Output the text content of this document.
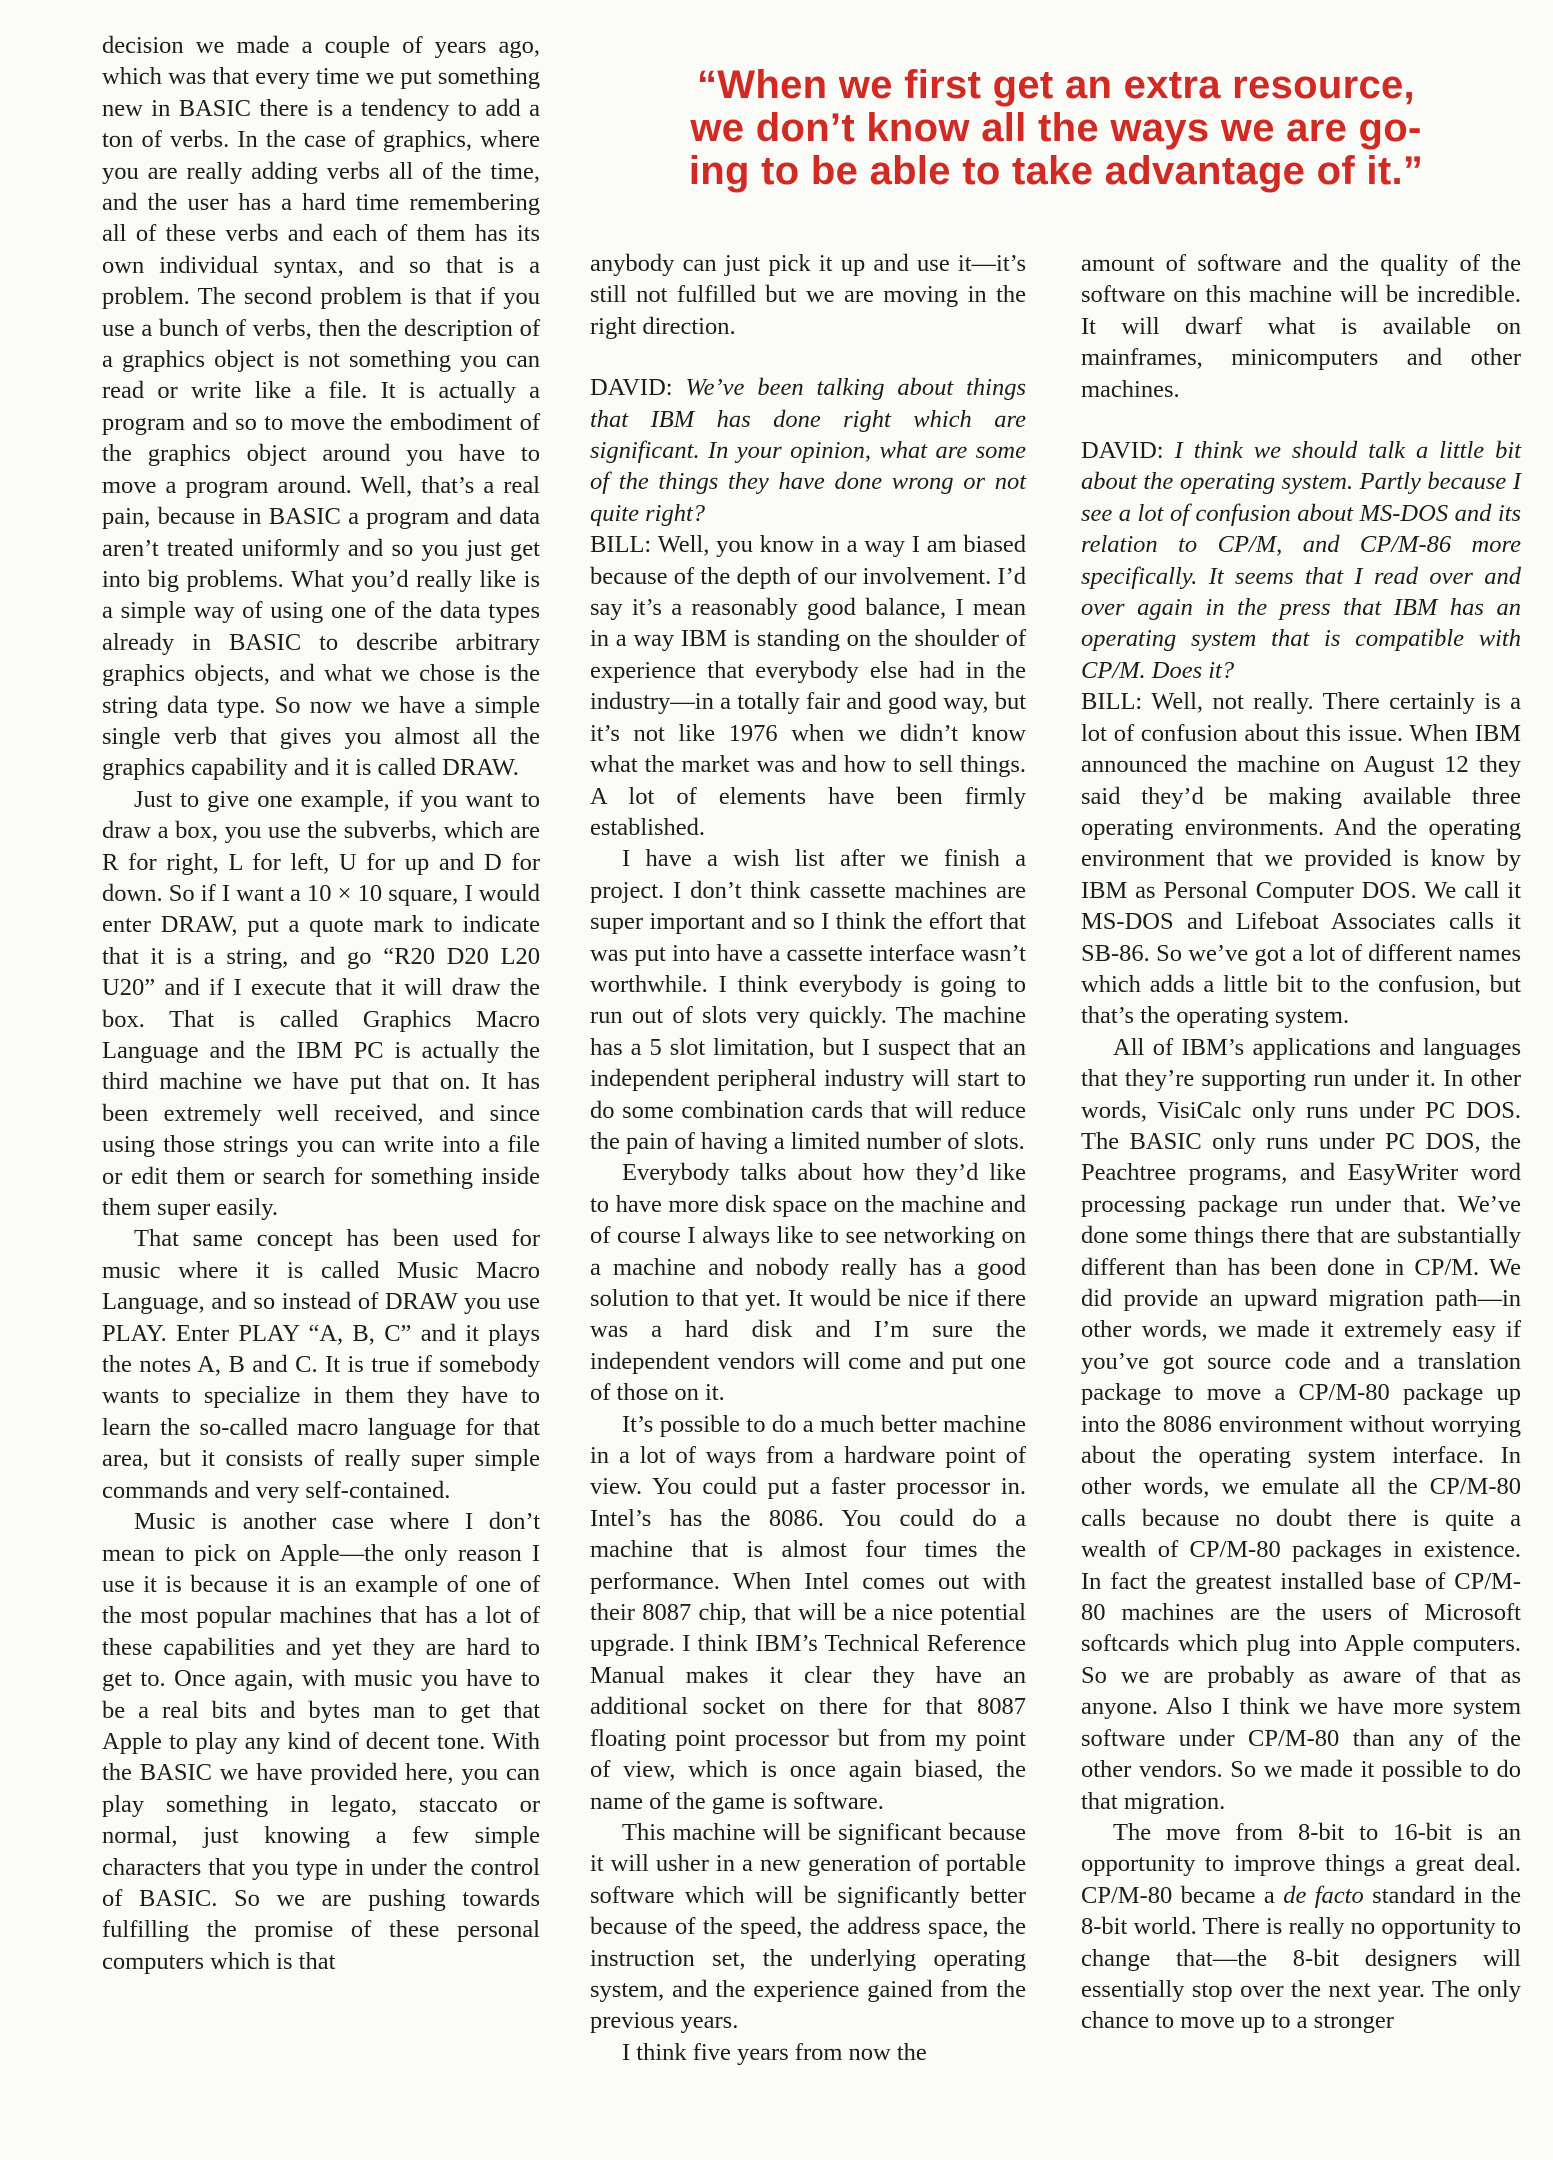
“When we first get an extra resource,
we don’t know all the ways we are go-
ing to be able to take advantage of it.”

decision we made a couple of years ago, which was that every time we put something new in BASIC there is a tendency to add a ton of verbs. In the case of graphics, where you are really adding verbs all of the time, and the user has a hard time remembering all of these verbs and each of them has its own individual syntax, and so that is a problem. The second problem is that if you use a bunch of verbs, then the description of a graphics object is not something you can read or write like a file. It is actually a program and so to move the embodiment of the graphics object around you have to move a program around. Well, that’s a real pain, because in BASIC a program and data aren’t treated uniformly and so you just get into big problems. What you’d really like is a simple way of using one of the data types already in BASIC to describe arbitrary graphics objects, and what we chose is the string data type. So now we have a simple single verb that gives you almost all the graphics capability and it is called DRAW.

Just to give one example, if you want to draw a box, you use the subverbs, which are R for right, L for left, U for up and D for down. So if I want a 10 × 10 square, I would enter DRAW, put a quote mark to indicate that it is a string, and go “R20 D20 L20 U20” and if I execute that it will draw the box. That is called Graphics Macro Language and the IBM PC is actually the third machine we have put that on. It has been extremely well received, and since using those strings you can write into a file or edit them or search for something inside them super easily.

That same concept has been used for music where it is called Music Macro Language, and so instead of DRAW you use PLAY. Enter PLAY “A, B, C” and it plays the notes A, B and C. It is true if somebody wants to specialize in them they have to learn the so-called macro language for that area, but it consists of really super simple commands and very self-contained.

Music is another case where I don’t mean to pick on Apple—the only reason I use it is because it is an example of one of the most popular machines that has a lot of these capabilities and yet they are hard to get to. Once again, with music you have to be a real bits and bytes man to get that Apple to play any kind of decent tone. With the BASIC we have provided here, you can play something in legato, staccato or normal, just knowing a few simple characters that you type in under the control of BASIC. So we are pushing towards fulfilling the promise of these personal computers which is that

anybody can just pick it up and use it—it’s still not fulfilled but we are moving in the right direction.

DAVID: We’ve been talking about things that IBM has done right which are significant. In your opinion, what are some of the things they have done wrong or not quite right?

BILL: Well, you know in a way I am biased because of the depth of our involvement. I’d say it’s a reasonably good balance, I mean in a way IBM is standing on the shoulder of experience that everybody else had in the industry—in a totally fair and good way, but it’s not like 1976 when we didn’t know what the market was and how to sell things. A lot of elements have been firmly established.

I have a wish list after we finish a project. I don’t think cassette machines are super important and so I think the effort that was put into have a cassette interface wasn’t worthwhile. I think everybody is going to run out of slots very quickly. The machine has a 5 slot limitation, but I suspect that an independent peripheral industry will start to do some combination cards that will reduce the pain of having a limited number of slots.

Everybody talks about how they’d like to have more disk space on the machine and of course I always like to see networking on a machine and nobody really has a good solution to that yet. It would be nice if there was a hard disk and I’m sure the independent vendors will come and put one of those on it.

It’s possible to do a much better machine in a lot of ways from a hardware point of view. You could put a faster processor in. Intel’s has the 8086. You could do a machine that is almost four times the performance. When Intel comes out with their 8087 chip, that will be a nice potential upgrade. I think IBM’s Technical Reference Manual makes it clear they have an additional socket on there for that 8087 floating point processor but from my point of view, which is once again biased, the name of the game is software.

This machine will be significant because it will usher in a new generation of portable software which will be significantly better because of the speed, the address space, the instruction set, the underlying operating system, and the experience gained from the previous years.

I think five years from now the

amount of software and the quality of the software on this machine will be incredible. It will dwarf what is available on mainframes, minicomputers and other machines.

DAVID: I think we should talk a little bit about the operating system. Partly because I see a lot of confusion about MS-DOS and its relation to CP/M, and CP/M-86 more specifically. It seems that I read over and over again in the press that IBM has an operating system that is compatible with CP/M. Does it?

BILL: Well, not really. There certainly is a lot of confusion about this issue. When IBM announced the machine on August 12 they said they’d be making available three operating environments. And the operating environment that we provided is know by IBM as Personal Computer DOS. We call it MS-DOS and Lifeboat Associates calls it SB-86. So we’ve got a lot of different names which adds a little bit to the confusion, but that’s the operating system.

All of IBM’s applications and languages that they’re supporting run under it. In other words, VisiCalc only runs under PC DOS. The BASIC only runs under PC DOS, the Peachtree programs, and EasyWriter word processing package run under that. We’ve done some things there that are substantially different than has been done in CP/M. We did provide an upward migration path—in other words, we made it extremely easy if you’ve got source code and a translation package to move a CP/M-80 package up into the 8086 environment without worrying about the operating system interface. In other words, we emulate all the CP/M-80 calls because no doubt there is quite a wealth of CP/M-80 packages in existence. In fact the greatest installed base of CP/M-80 machines are the users of Microsoft softcards which plug into Apple computers. So we are probably as aware of that as anyone. Also I think we have more system software under CP/M-80 than any of the other vendors. So we made it possible to do that migration.

The move from 8-bit to 16-bit is an opportunity to improve things a great deal. CP/M-80 became a de facto standard in the 8-bit world. There is really no opportunity to change that—the 8-bit designers will essentially stop over the next year. The only chance to move up to a stronger
